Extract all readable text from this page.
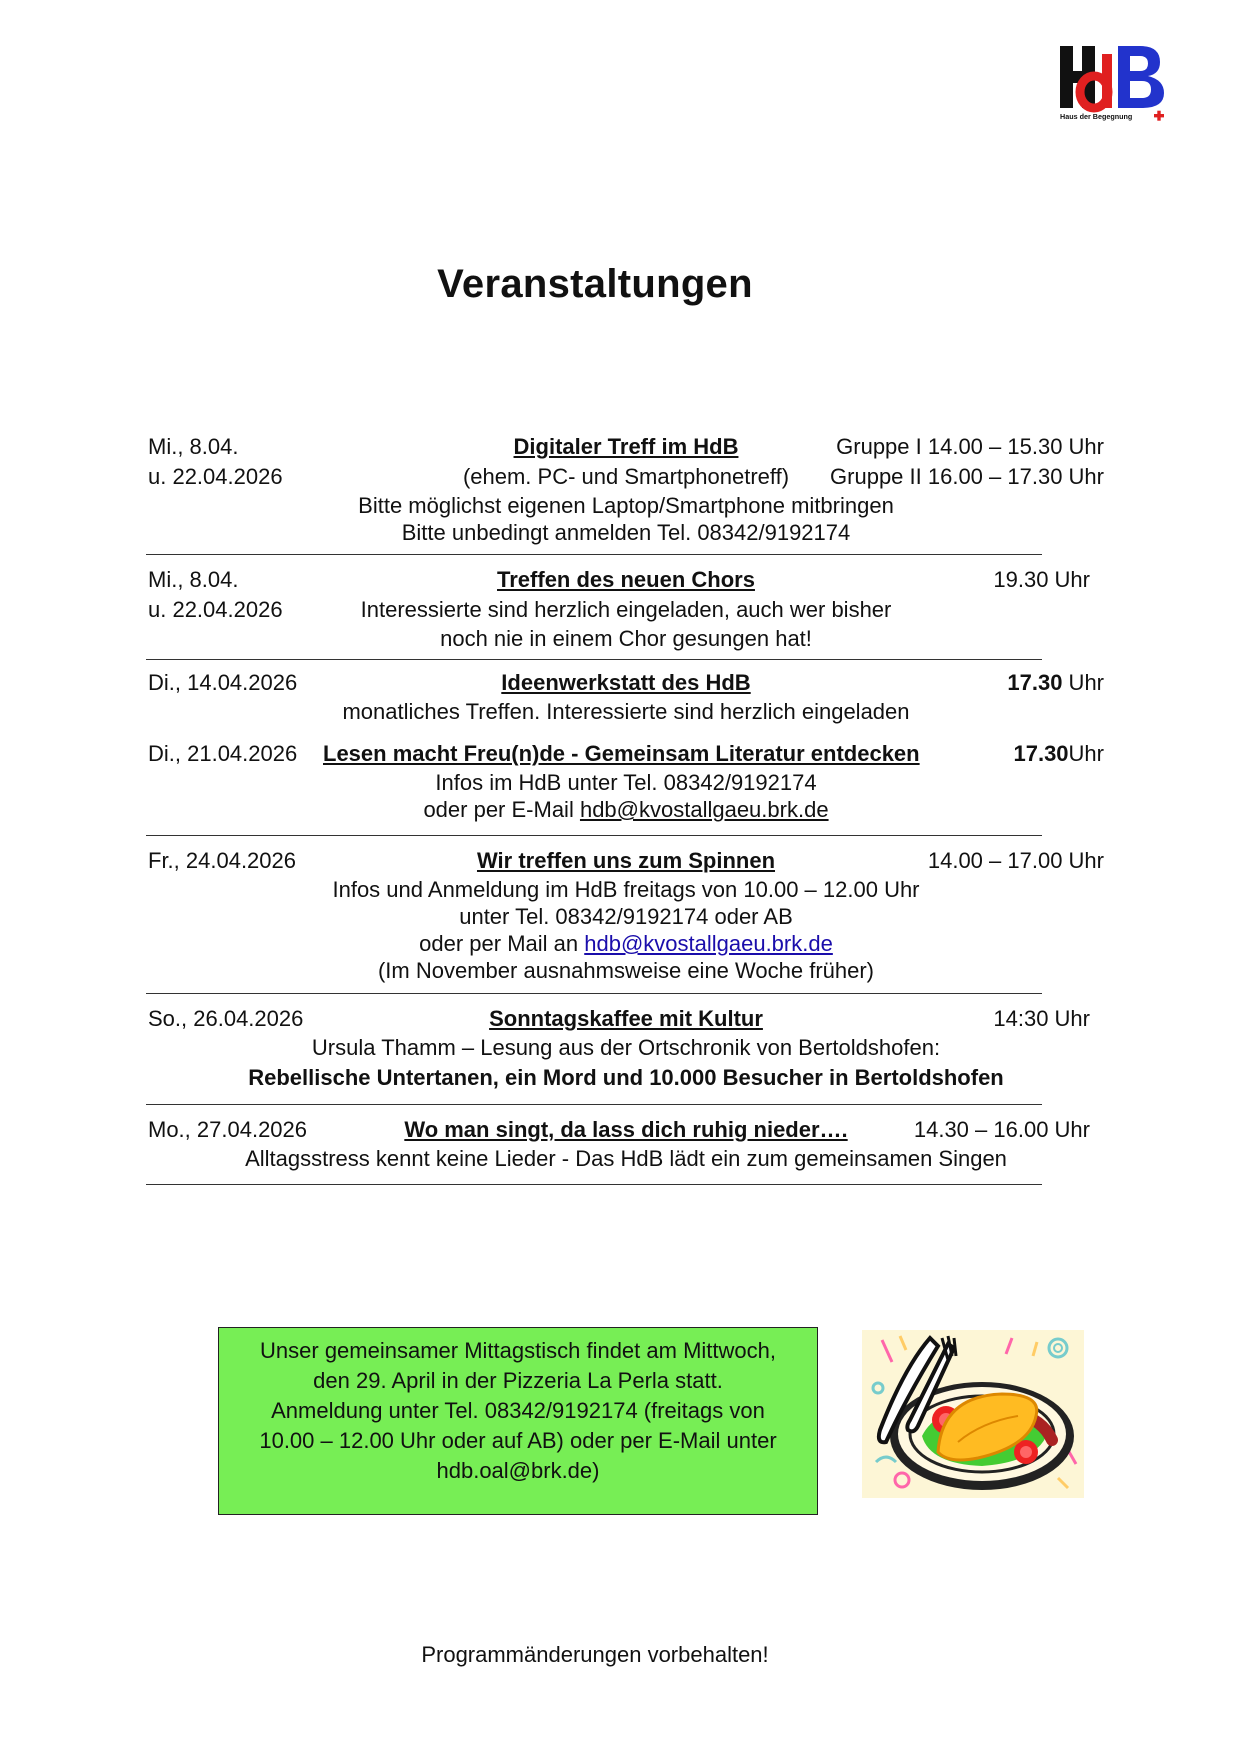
Haus der Begegnung
Veranstaltungen
Mi., 8.04.	Digitaler Treff im HdB	Gruppe I 14.00 – 15.30 Uhr
u. 22.04.2026	(ehem. PC- und Smartphonetreff)	Gruppe II 16.00 – 17.30 Uhr
Bitte möglichst eigenen Laptop/Smartphone mitbringen
Bitte unbedingt anmelden Tel. 08342/9192174
Mi., 8.04.	Treffen des neuen Chors	19.30 Uhr
u. 22.04.2026	Interessierte sind herzlich eingeladen, auch wer bisher
noch nie in einem Chor gesungen hat!
Di., 14.04.2026	Ideenwerkstatt des HdB	17.30 Uhr
monatliches Treffen. Interessierte sind herzlich eingeladen
Di., 21.04.2026 Lesen macht Freu(n)de - Gemeinsam Literatur entdecken	17.30Uhr
Infos im HdB unter Tel. 08342/9192174
oder per E-Mail hdb@kvostallgaeu.brk.de
Fr., 24.04.2026	Wir treffen uns zum Spinnen	14.00 – 17.00 Uhr
Infos und Anmeldung im HdB freitags von 10.00 – 12.00 Uhr
unter Tel. 08342/9192174 oder AB
oder per Mail an hdb@kvostallgaeu.brk.de
(Im November ausnahmsweise eine Woche früher)
So., 26.04.2026	Sonntagskaffee mit Kultur	14:30 Uhr
Ursula Thamm – Lesung aus der Ortschronik von Bertoldshofen:
Rebellische Untertanen, ein Mord und 10.000 Besucher in Bertoldshofen
Mo., 27.04.2026	Wo man singt, da lass dich ruhig nieder….	14.30 – 16.00 Uhr
Alltagsstress kennt keine Lieder - Das HdB lädt ein zum gemeinsamen Singen
Unser gemeinsamer Mittagstisch findet am Mittwoch,
den 29. April in der Pizzeria La Perla statt.
Anmeldung unter Tel. 08342/9192174 (freitags von
10.00 – 12.00 Uhr oder auf AB) oder per E-Mail unter
hdb.oal@brk.de)
Programmänderungen vorbehalten!
